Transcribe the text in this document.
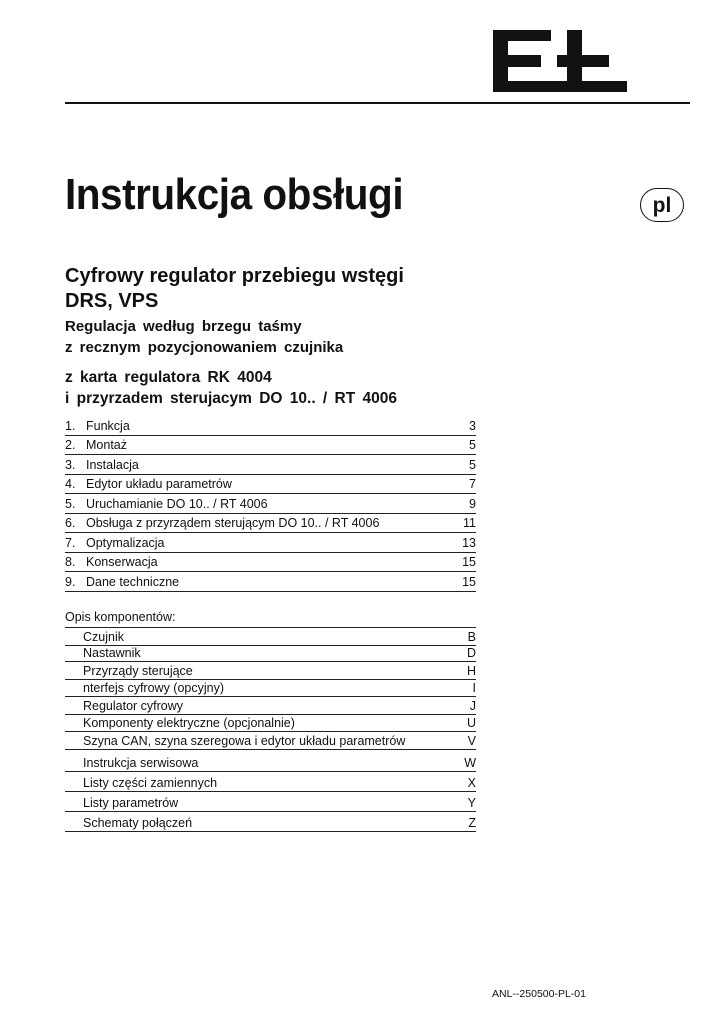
Instrukcja obsługi	pl
Cyfrowy regulator przebiegu wstęgi
DRS, VPS
Regulacja według brzegu taśmy
z recznym pozycjonowaniem czujnika
z karta regulatora RK 4004
i przyrzadem sterujacym DO 10.. / RT 4006
1. Funkcja	3
2. Montaż	5
3. Instalacja	5
4. Edytor układu parametrów	7
5. Uruchamianie DO 10.. / RT 4006	9
6. Obsługa z przyrządem sterującym DO 10.. / RT 4006	11
7. Optymalizacja	13
8. Konserwacja	15
9. Dane techniczne	15
Opis komponentów:
Czujnik	B
Nastawnik	D
Przyrządy sterujące	H
nterfejs cyfrowy (opcyjny)	I
Regulator cyfrowy	J
Komponenty elektryczne (opcjonalnie)	U
Szyna CAN, szyna szeregowa i edytor układu parametrów	V
Instrukcja serwisowa	W
Listy części zamiennych	X
Listy parametrów	Y
Schematy połączeń	Z
ANL--250500-PL-01
